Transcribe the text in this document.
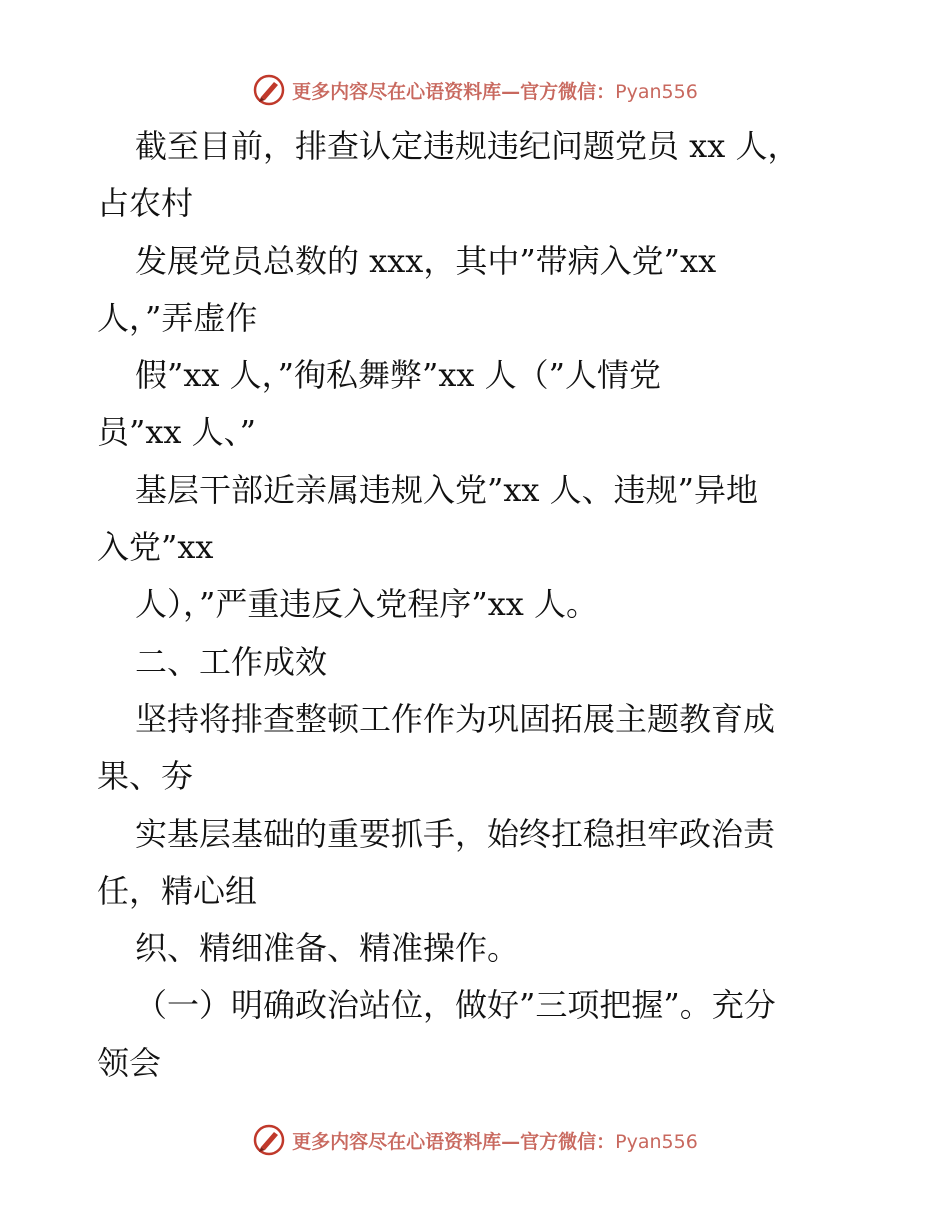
更多内容尽在心语资料库—官方微信：Pyan556
截至目前，排查认定违规违纪问题党员 xx 人，
占农村
发展党员总数的 xxx，其中”带病入党”xx
人，”弄虚作
假”xx 人，”徇私舞弊”xx 人（”人情党
员”xx 人、”
基层干部近亲属违规入党”xx 人、违规”异地
入党”xx
人），”严重违反入党程序”xx 人。
二、工作成效
坚持将排查整顿工作作为巩固拓展主题教育成
果、夯
实基层基础的重要抓手，始终扛稳担牢政治责
任，精心组
织、精细准备、精准操作。
（一）明确政治站位，做好”三项把握”。充分
领会
更多内容尽在心语资料库—官方微信：Pyan556
